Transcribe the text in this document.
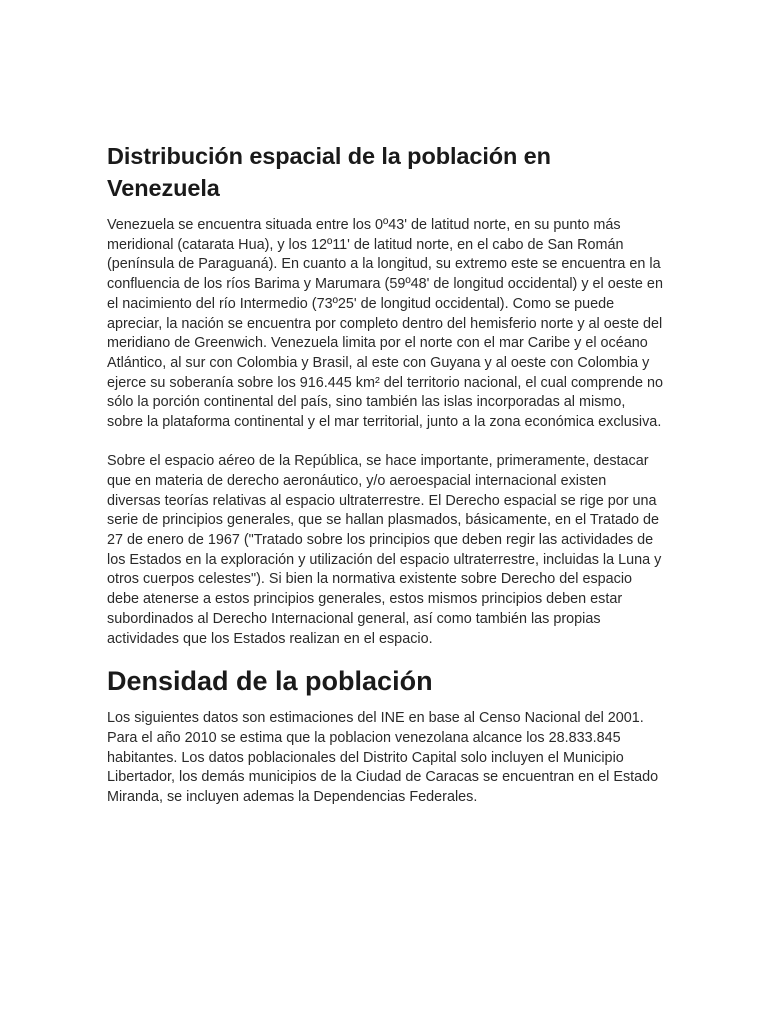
Distribución espacial de la población en Venezuela

Venezuela se encuentra situada entre los 0º43' de latitud norte, en su punto más meridional (catarata Hua), y los 12º11' de latitud norte, en el cabo de San Román (península de Paraguaná). En cuanto a la longitud, su extremo este se encuentra en la confluencia de los ríos Barima y Marumara (59º48' de longitud occidental) y el oeste en el nacimiento del río Intermedio (73º25' de longitud occidental). Como se puede apreciar, la nación se encuentra por completo dentro del hemisferio norte y al oeste del meridiano de Greenwich. Venezuela limita por el norte con el mar Caribe y el océano Atlántico, al sur con Colombia y Brasil, al este con Guyana y al oeste con Colombia y ejerce su soberanía sobre los 916.445 km² del territorio nacional, el cual comprende no sólo la porción continental del país, sino también las islas incorporadas al mismo, sobre la plataforma continental y el mar territorial, junto a la zona económica exclusiva.

Sobre el espacio aéreo de la República, se hace importante, primeramente, destacar que en materia de derecho aeronáutico, y/o aeroespacial internacional existen diversas teorías relativas al espacio ultraterrestre. El Derecho espacial se rige por una serie de principios generales, que se hallan plasmados, básicamente, en el Tratado de 27 de enero de 1967 ("Tratado sobre los principios que deben regir las actividades de los Estados en la exploración y utilización del espacio ultraterrestre, incluidas la Luna y otros cuerpos celestes"). Si bien la normativa existente sobre Derecho del espacio debe atenerse a estos principios generales, estos mismos principios deben estar subordinados al Derecho Internacional general, así como también las propias actividades que los Estados realizan en el espacio.

Densidad de la población

Los siguientes datos son estimaciones del INE en base al Censo Nacional del 2001. Para el año 2010 se estima que la poblacion venezolana alcance los 28.833.845 habitantes. Los datos poblacionales del Distrito Capital solo incluyen el Municipio Libertador, los demás municipios de la Ciudad de Caracas se encuentran en el Estado Miranda, se incluyen ademas la Dependencias Federales.
